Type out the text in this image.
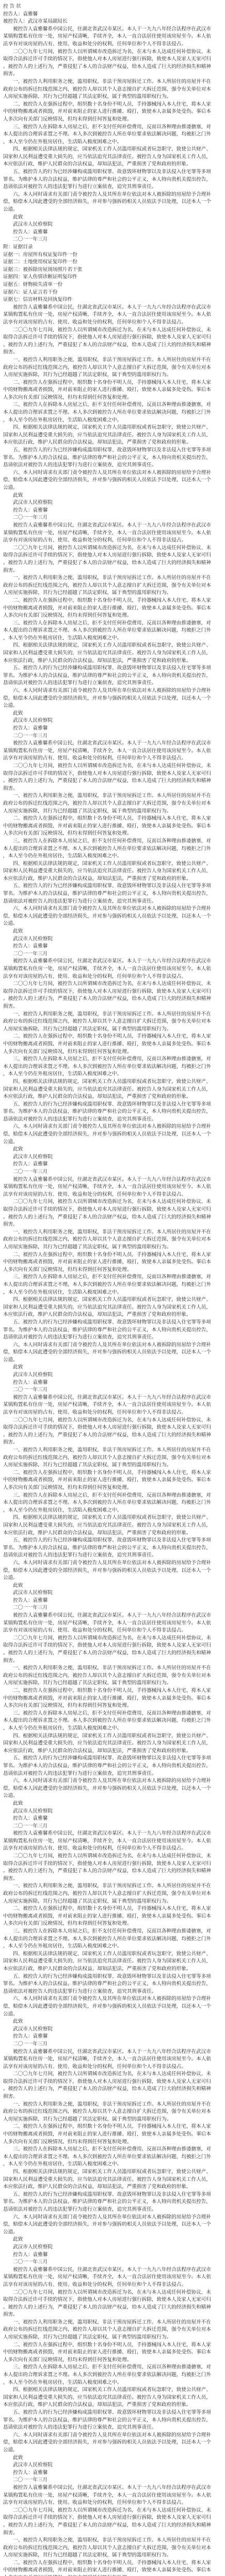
控 告 状
控告人：袁雅馨
被控告人：武汉市某局副局长
　　被控告人袁雅馨系中国公民，住湖北省武汉市某区。本人于一九九八年经合法程序在武汉市
某镇购置私有住房一处，房屋产权清晰，手续齐全，本人一直合法居住使用该房屋至今。本人依
法享有对该房屋的占有、使用、收益和处分的权利，任何单位和个人不得非法侵占。
　　二〇〇九年七月间，被控告人以所谓城市改造拆迁为名，在未与本人达成任何补偿协议、未
取得合法拆迁许可手续的情况下，指使他人对本人房屋进行强行拆除，致使本人及家人无家可归
。被控告人的上述行为，严重侵犯了本人的合法财产权益，给本人造成了巨大的经济损失和精神
损害。
　　一、被控告人利用职务之便，滥用职权，非法干预房屋拆迁工作。本人所居住的房屋并不在
政府公布的拆迁红线范围之内，被控告人却以其个人意志擅自扩大拆迁范围，强令有关单位对本
人房屋实施拆除，其行为已经超越了其法定职权，属于典型的滥用职权行为。
　　二、被控告人在强拆过程中，组织数十名身份不明人员，手持器械闯入本人住宅，将本人家
中的财物搬离或者损毁，并对前来阻止的家人进行推搡、殴打，致使本人亲属多处受伤。事后本
人多次向有关部门反映情况，但均未得到任何答复和处理。
　　三、被控告人在拆除本人房屋之后，拒不支付任何补偿费用，反而以各种理由推诿搪塞，对
本人提出的合理诉求置之不理。本人多次到被控告人所在单位要求依法解决问题，均被拒之门外
，本人至今仍在外租房居住，生活陷入极度困难之中。
　　四、根据相关法律法规的规定，国家机关工作人员滥用职权或者玩忽职守，致使公共财产、
国家和人民利益遭受重大损失的，应当依法追究其法律责任。被控告人身为国家机关工作人员，
本应依法行政，维护人民群众的合法权益，却知法犯法，严重损害了党和政府的形象。
　　五、被控告人的行为已经涉嫌构成滥用职权罪、故意毁坏财物罪以及非法侵入住宅罪等多项
罪名。为维护本人的合法权益，维护法律的尊严和社会的公平正义，本人特向贵机关提出控告，
恳请依法对被控告人的违法犯罪行为进行立案侦查，追究其刑事责任。
　　六、本人同时请求有关部门责令被控告人及其所在单位依法对本人被拆除的房屋给予合理补
偿，赔偿本人因此遭受的全部经济损失，并对参与强拆的相关人员依法予以处理，以还本人一个
公道。
　　此致
　　武汉市人民检察院
　　控告人：袁雅馨
　　二〇一一年三月
附：证据目录
证据一：房屋所有权证复印件一份
证据二：土地使用权证复印件一份
证据三：被拆除房屋现场照片若干张
证据四：家人伤情诊断证明复印件
证据五：财物损失清单一份
证据六：证人证言若干份
证据七：信访材料及回执复印件
　　被控告人袁雅馨系中国公民，住湖北省武汉市某区。本人于一九九八年经合法程序在武汉市
某镇购置私有住房一处，房屋产权清晰，手续齐全，本人一直合法居住使用该房屋至今。本人依
法享有对该房屋的占有、使用、收益和处分的权利，任何单位和个人不得非法侵占。
　　二〇〇九年七月间，被控告人以所谓城市改造拆迁为名，在未与本人达成任何补偿协议、未
取得合法拆迁许可手续的情况下，指使他人对本人房屋进行强行拆除，致使本人及家人无家可归
。被控告人的上述行为，严重侵犯了本人的合法财产权益，给本人造成了巨大的经济损失和精神
损害。
　　一、被控告人利用职务之便，滥用职权，非法干预房屋拆迁工作。本人所居住的房屋并不在
政府公布的拆迁红线范围之内，被控告人却以其个人意志擅自扩大拆迁范围，强令有关单位对本
人房屋实施拆除，其行为已经超越了其法定职权，属于典型的滥用职权行为。
　　二、被控告人在强拆过程中，组织数十名身份不明人员，手持器械闯入本人住宅，将本人家
中的财物搬离或者损毁，并对前来阻止的家人进行推搡、殴打，致使本人亲属多处受伤。事后本
人多次向有关部门反映情况，但均未得到任何答复和处理。
　　三、被控告人在拆除本人房屋之后，拒不支付任何补偿费用，反而以各种理由推诿搪塞，对
本人提出的合理诉求置之不理。本人多次到被控告人所在单位要求依法解决问题，均被拒之门外
，本人至今仍在外租房居住，生活陷入极度困难之中。
　　四、根据相关法律法规的规定，国家机关工作人员滥用职权或者玩忽职守，致使公共财产、
国家和人民利益遭受重大损失的，应当依法追究其法律责任。被控告人身为国家机关工作人员，
本应依法行政，维护人民群众的合法权益，却知法犯法，严重损害了党和政府的形象。
　　五、被控告人的行为已经涉嫌构成滥用职权罪、故意毁坏财物罪以及非法侵入住宅罪等多项
罪名。为维护本人的合法权益，维护法律的尊严和社会的公平正义，本人特向贵机关提出控告，
恳请依法对被控告人的违法犯罪行为进行立案侦查，追究其刑事责任。
　　六、本人同时请求有关部门责令被控告人及其所在单位依法对本人被拆除的房屋给予合理补
偿，赔偿本人因此遭受的全部经济损失，并对参与强拆的相关人员依法予以处理，以还本人一个
公道。
　　此致
　　武汉市人民检察院
　　控告人：袁雅馨
　　二〇一一年三月
　　被控告人袁雅馨系中国公民，住湖北省武汉市某区。本人于一九九八年经合法程序在武汉市
某镇购置私有住房一处，房屋产权清晰，手续齐全，本人一直合法居住使用该房屋至今。本人依
法享有对该房屋的占有、使用、收益和处分的权利，任何单位和个人不得非法侵占。
　　二〇〇九年七月间，被控告人以所谓城市改造拆迁为名，在未与本人达成任何补偿协议、未
取得合法拆迁许可手续的情况下，指使他人对本人房屋进行强行拆除，致使本人及家人无家可归
。被控告人的上述行为，严重侵犯了本人的合法财产权益，给本人造成了巨大的经济损失和精神
损害。
　　一、被控告人利用职务之便，滥用职权，非法干预房屋拆迁工作。本人所居住的房屋并不在
政府公布的拆迁红线范围之内，被控告人却以其个人意志擅自扩大拆迁范围，强令有关单位对本
人房屋实施拆除，其行为已经超越了其法定职权，属于典型的滥用职权行为。
　　二、被控告人在强拆过程中，组织数十名身份不明人员，手持器械闯入本人住宅，将本人家
中的财物搬离或者损毁，并对前来阻止的家人进行推搡、殴打，致使本人亲属多处受伤。事后本
人多次向有关部门反映情况，但均未得到任何答复和处理。
　　三、被控告人在拆除本人房屋之后，拒不支付任何补偿费用，反而以各种理由推诿搪塞，对
本人提出的合理诉求置之不理。本人多次到被控告人所在单位要求依法解决问题，均被拒之门外
，本人至今仍在外租房居住，生活陷入极度困难之中。
　　四、根据相关法律法规的规定，国家机关工作人员滥用职权或者玩忽职守，致使公共财产、
国家和人民利益遭受重大损失的，应当依法追究其法律责任。被控告人身为国家机关工作人员，
本应依法行政，维护人民群众的合法权益，却知法犯法，严重损害了党和政府的形象。
　　五、被控告人的行为已经涉嫌构成滥用职权罪、故意毁坏财物罪以及非法侵入住宅罪等多项
罪名。为维护本人的合法权益，维护法律的尊严和社会的公平正义，本人特向贵机关提出控告，
恳请依法对被控告人的违法犯罪行为进行立案侦查，追究其刑事责任。
　　六、本人同时请求有关部门责令被控告人及其所在单位依法对本人被拆除的房屋给予合理补
偿，赔偿本人因此遭受的全部经济损失，并对参与强拆的相关人员依法予以处理，以还本人一个
公道。
　　此致
　　武汉市人民检察院
　　控告人：袁雅馨
　　二〇一一年三月
　　被控告人袁雅馨系中国公民，住湖北省武汉市某区。本人于一九九八年经合法程序在武汉市
某镇购置私有住房一处，房屋产权清晰，手续齐全，本人一直合法居住使用该房屋至今。本人依
法享有对该房屋的占有、使用、收益和处分的权利，任何单位和个人不得非法侵占。
　　二〇〇九年七月间，被控告人以所谓城市改造拆迁为名，在未与本人达成任何补偿协议、未
取得合法拆迁许可手续的情况下，指使他人对本人房屋进行强行拆除，致使本人及家人无家可归
。被控告人的上述行为，严重侵犯了本人的合法财产权益，给本人造成了巨大的经济损失和精神
损害。
　　一、被控告人利用职务之便，滥用职权，非法干预房屋拆迁工作。本人所居住的房屋并不在
政府公布的拆迁红线范围之内，被控告人却以其个人意志擅自扩大拆迁范围，强令有关单位对本
人房屋实施拆除，其行为已经超越了其法定职权，属于典型的滥用职权行为。
　　二、被控告人在强拆过程中，组织数十名身份不明人员，手持器械闯入本人住宅，将本人家
中的财物搬离或者损毁，并对前来阻止的家人进行推搡、殴打，致使本人亲属多处受伤。事后本
人多次向有关部门反映情况，但均未得到任何答复和处理。
　　三、被控告人在拆除本人房屋之后，拒不支付任何补偿费用，反而以各种理由推诿搪塞，对
本人提出的合理诉求置之不理。本人多次到被控告人所在单位要求依法解决问题，均被拒之门外
，本人至今仍在外租房居住，生活陷入极度困难之中。
　　四、根据相关法律法规的规定，国家机关工作人员滥用职权或者玩忽职守，致使公共财产、
国家和人民利益遭受重大损失的，应当依法追究其法律责任。被控告人身为国家机关工作人员，
本应依法行政，维护人民群众的合法权益，却知法犯法，严重损害了党和政府的形象。
　　五、被控告人的行为已经涉嫌构成滥用职权罪、故意毁坏财物罪以及非法侵入住宅罪等多项
罪名。为维护本人的合法权益，维护法律的尊严和社会的公平正义，本人特向贵机关提出控告，
恳请依法对被控告人的违法犯罪行为进行立案侦查，追究其刑事责任。
　　六、本人同时请求有关部门责令被控告人及其所在单位依法对本人被拆除的房屋给予合理补
偿，赔偿本人因此遭受的全部经济损失，并对参与强拆的相关人员依法予以处理，以还本人一个
公道。
　　此致
　　武汉市人民检察院
　　控告人：袁雅馨
　　二〇一一年三月
　　被控告人袁雅馨系中国公民，住湖北省武汉市某区。本人于一九九八年经合法程序在武汉市
某镇购置私有住房一处，房屋产权清晰，手续齐全，本人一直合法居住使用该房屋至今。本人依
法享有对该房屋的占有、使用、收益和处分的权利，任何单位和个人不得非法侵占。
　　二〇〇九年七月间，被控告人以所谓城市改造拆迁为名，在未与本人达成任何补偿协议、未
取得合法拆迁许可手续的情况下，指使他人对本人房屋进行强行拆除，致使本人及家人无家可归
。被控告人的上述行为，严重侵犯了本人的合法财产权益，给本人造成了巨大的经济损失和精神
损害。
　　一、被控告人利用职务之便，滥用职权，非法干预房屋拆迁工作。本人所居住的房屋并不在
政府公布的拆迁红线范围之内，被控告人却以其个人意志擅自扩大拆迁范围，强令有关单位对本
人房屋实施拆除，其行为已经超越了其法定职权，属于典型的滥用职权行为。
　　二、被控告人在强拆过程中，组织数十名身份不明人员，手持器械闯入本人住宅，将本人家
中的财物搬离或者损毁，并对前来阻止的家人进行推搡、殴打，致使本人亲属多处受伤。事后本
人多次向有关部门反映情况，但均未得到任何答复和处理。
　　三、被控告人在拆除本人房屋之后，拒不支付任何补偿费用，反而以各种理由推诿搪塞，对
本人提出的合理诉求置之不理。本人多次到被控告人所在单位要求依法解决问题，均被拒之门外
，本人至今仍在外租房居住，生活陷入极度困难之中。
　　四、根据相关法律法规的规定，国家机关工作人员滥用职权或者玩忽职守，致使公共财产、
国家和人民利益遭受重大损失的，应当依法追究其法律责任。被控告人身为国家机关工作人员，
本应依法行政，维护人民群众的合法权益，却知法犯法，严重损害了党和政府的形象。
　　五、被控告人的行为已经涉嫌构成滥用职权罪、故意毁坏财物罪以及非法侵入住宅罪等多项
罪名。为维护本人的合法权益，维护法律的尊严和社会的公平正义，本人特向贵机关提出控告，
恳请依法对被控告人的违法犯罪行为进行立案侦查，追究其刑事责任。
　　六、本人同时请求有关部门责令被控告人及其所在单位依法对本人被拆除的房屋给予合理补
偿，赔偿本人因此遭受的全部经济损失，并对参与强拆的相关人员依法予以处理，以还本人一个
公道。
　　此致
　　武汉市人民检察院
　　控告人：袁雅馨
　　二〇一一年三月
　　被控告人袁雅馨系中国公民，住湖北省武汉市某区。本人于一九九八年经合法程序在武汉市
某镇购置私有住房一处，房屋产权清晰，手续齐全，本人一直合法居住使用该房屋至今。本人依
法享有对该房屋的占有、使用、收益和处分的权利，任何单位和个人不得非法侵占。
　　二〇〇九年七月间，被控告人以所谓城市改造拆迁为名，在未与本人达成任何补偿协议、未
取得合法拆迁许可手续的情况下，指使他人对本人房屋进行强行拆除，致使本人及家人无家可归
。被控告人的上述行为，严重侵犯了本人的合法财产权益，给本人造成了巨大的经济损失和精神
损害。
　　一、被控告人利用职务之便，滥用职权，非法干预房屋拆迁工作。本人所居住的房屋并不在
政府公布的拆迁红线范围之内，被控告人却以其个人意志擅自扩大拆迁范围，强令有关单位对本
人房屋实施拆除，其行为已经超越了其法定职权，属于典型的滥用职权行为。
　　二、被控告人在强拆过程中，组织数十名身份不明人员，手持器械闯入本人住宅，将本人家
中的财物搬离或者损毁，并对前来阻止的家人进行推搡、殴打，致使本人亲属多处受伤。事后本
人多次向有关部门反映情况，但均未得到任何答复和处理。
　　三、被控告人在拆除本人房屋之后，拒不支付任何补偿费用，反而以各种理由推诿搪塞，对
本人提出的合理诉求置之不理。本人多次到被控告人所在单位要求依法解决问题，均被拒之门外
，本人至今仍在外租房居住，生活陷入极度困难之中。
　　四、根据相关法律法规的规定，国家机关工作人员滥用职权或者玩忽职守，致使公共财产、
国家和人民利益遭受重大损失的，应当依法追究其法律责任。被控告人身为国家机关工作人员，
本应依法行政，维护人民群众的合法权益，却知法犯法，严重损害了党和政府的形象。
　　五、被控告人的行为已经涉嫌构成滥用职权罪、故意毁坏财物罪以及非法侵入住宅罪等多项
罪名。为维护本人的合法权益，维护法律的尊严和社会的公平正义，本人特向贵机关提出控告，
恳请依法对被控告人的违法犯罪行为进行立案侦查，追究其刑事责任。
　　六、本人同时请求有关部门责令被控告人及其所在单位依法对本人被拆除的房屋给予合理补
偿，赔偿本人因此遭受的全部经济损失，并对参与强拆的相关人员依法予以处理，以还本人一个
公道。
　　此致
　　武汉市人民检察院
　　控告人：袁雅馨
　　二〇一一年三月
　　被控告人袁雅馨系中国公民，住湖北省武汉市某区。本人于一九九八年经合法程序在武汉市
某镇购置私有住房一处，房屋产权清晰，手续齐全，本人一直合法居住使用该房屋至今。本人依
法享有对该房屋的占有、使用、收益和处分的权利，任何单位和个人不得非法侵占。
　　二〇〇九年七月间，被控告人以所谓城市改造拆迁为名，在未与本人达成任何补偿协议、未
取得合法拆迁许可手续的情况下，指使他人对本人房屋进行强行拆除，致使本人及家人无家可归
。被控告人的上述行为，严重侵犯了本人的合法财产权益，给本人造成了巨大的经济损失和精神
损害。
　　一、被控告人利用职务之便，滥用职权，非法干预房屋拆迁工作。本人所居住的房屋并不在
政府公布的拆迁红线范围之内，被控告人却以其个人意志擅自扩大拆迁范围，强令有关单位对本
人房屋实施拆除，其行为已经超越了其法定职权，属于典型的滥用职权行为。
　　二、被控告人在强拆过程中，组织数十名身份不明人员，手持器械闯入本人住宅，将本人家
中的财物搬离或者损毁，并对前来阻止的家人进行推搡、殴打，致使本人亲属多处受伤。事后本
人多次向有关部门反映情况，但均未得到任何答复和处理。
　　三、被控告人在拆除本人房屋之后，拒不支付任何补偿费用，反而以各种理由推诿搪塞，对
本人提出的合理诉求置之不理。本人多次到被控告人所在单位要求依法解决问题，均被拒之门外
，本人至今仍在外租房居住，生活陷入极度困难之中。
　　四、根据相关法律法规的规定，国家机关工作人员滥用职权或者玩忽职守，致使公共财产、
国家和人民利益遭受重大损失的，应当依法追究其法律责任。被控告人身为国家机关工作人员，
本应依法行政，维护人民群众的合法权益，却知法犯法，严重损害了党和政府的形象。
　　五、被控告人的行为已经涉嫌构成滥用职权罪、故意毁坏财物罪以及非法侵入住宅罪等多项
罪名。为维护本人的合法权益，维护法律的尊严和社会的公平正义，本人特向贵机关提出控告，
恳请依法对被控告人的违法犯罪行为进行立案侦查，追究其刑事责任。
　　六、本人同时请求有关部门责令被控告人及其所在单位依法对本人被拆除的房屋给予合理补
偿，赔偿本人因此遭受的全部经济损失，并对参与强拆的相关人员依法予以处理，以还本人一个
公道。
　　此致
　　武汉市人民检察院
　　控告人：袁雅馨
　　二〇一一年三月
　　被控告人袁雅馨系中国公民，住湖北省武汉市某区。本人于一九九八年经合法程序在武汉市
某镇购置私有住房一处，房屋产权清晰，手续齐全，本人一直合法居住使用该房屋至今。本人依
法享有对该房屋的占有、使用、收益和处分的权利，任何单位和个人不得非法侵占。
　　二〇〇九年七月间，被控告人以所谓城市改造拆迁为名，在未与本人达成任何补偿协议、未
取得合法拆迁许可手续的情况下，指使他人对本人房屋进行强行拆除，致使本人及家人无家可归
。被控告人的上述行为，严重侵犯了本人的合法财产权益，给本人造成了巨大的经济损失和精神
损害。
　　一、被控告人利用职务之便，滥用职权，非法干预房屋拆迁工作。本人所居住的房屋并不在
政府公布的拆迁红线范围之内，被控告人却以其个人意志擅自扩大拆迁范围，强令有关单位对本
人房屋实施拆除，其行为已经超越了其法定职权，属于典型的滥用职权行为。
　　二、被控告人在强拆过程中，组织数十名身份不明人员，手持器械闯入本人住宅，将本人家
中的财物搬离或者损毁，并对前来阻止的家人进行推搡、殴打，致使本人亲属多处受伤。事后本
人多次向有关部门反映情况，但均未得到任何答复和处理。
　　三、被控告人在拆除本人房屋之后，拒不支付任何补偿费用，反而以各种理由推诿搪塞，对
本人提出的合理诉求置之不理。本人多次到被控告人所在单位要求依法解决问题，均被拒之门外
，本人至今仍在外租房居住，生活陷入极度困难之中。
　　四、根据相关法律法规的规定，国家机关工作人员滥用职权或者玩忽职守，致使公共财产、
国家和人民利益遭受重大损失的，应当依法追究其法律责任。被控告人身为国家机关工作人员，
本应依法行政，维护人民群众的合法权益，却知法犯法，严重损害了党和政府的形象。
　　五、被控告人的行为已经涉嫌构成滥用职权罪、故意毁坏财物罪以及非法侵入住宅罪等多项
罪名。为维护本人的合法权益，维护法律的尊严和社会的公平正义，本人特向贵机关提出控告，
恳请依法对被控告人的违法犯罪行为进行立案侦查，追究其刑事责任。
　　六、本人同时请求有关部门责令被控告人及其所在单位依法对本人被拆除的房屋给予合理补
偿，赔偿本人因此遭受的全部经济损失，并对参与强拆的相关人员依法予以处理，以还本人一个
公道。
　　此致
　　武汉市人民检察院
　　控告人：袁雅馨
　　二〇一一年三月
　　被控告人袁雅馨系中国公民，住湖北省武汉市某区。本人于一九九八年经合法程序在武汉市
某镇购置私有住房一处，房屋产权清晰，手续齐全，本人一直合法居住使用该房屋至今。本人依
法享有对该房屋的占有、使用、收益和处分的权利，任何单位和个人不得非法侵占。
　　二〇〇九年七月间，被控告人以所谓城市改造拆迁为名，在未与本人达成任何补偿协议、未
取得合法拆迁许可手续的情况下，指使他人对本人房屋进行强行拆除，致使本人及家人无家可归
。被控告人的上述行为，严重侵犯了本人的合法财产权益，给本人造成了巨大的经济损失和精神
损害。
　　一、被控告人利用职务之便，滥用职权，非法干预房屋拆迁工作。本人所居住的房屋并不在
政府公布的拆迁红线范围之内，被控告人却以其个人意志擅自扩大拆迁范围，强令有关单位对本
人房屋实施拆除，其行为已经超越了其法定职权，属于典型的滥用职权行为。
　　二、被控告人在强拆过程中，组织数十名身份不明人员，手持器械闯入本人住宅，将本人家
中的财物搬离或者损毁，并对前来阻止的家人进行推搡、殴打，致使本人亲属多处受伤。事后本
人多次向有关部门反映情况，但均未得到任何答复和处理。
　　三、被控告人在拆除本人房屋之后，拒不支付任何补偿费用，反而以各种理由推诿搪塞，对
本人提出的合理诉求置之不理。本人多次到被控告人所在单位要求依法解决问题，均被拒之门外
，本人至今仍在外租房居住，生活陷入极度困难之中。
　　四、根据相关法律法规的规定，国家机关工作人员滥用职权或者玩忽职守，致使公共财产、
国家和人民利益遭受重大损失的，应当依法追究其法律责任。被控告人身为国家机关工作人员，
本应依法行政，维护人民群众的合法权益，却知法犯法，严重损害了党和政府的形象。
　　五、被控告人的行为已经涉嫌构成滥用职权罪、故意毁坏财物罪以及非法侵入住宅罪等多项
罪名。为维护本人的合法权益，维护法律的尊严和社会的公平正义，本人特向贵机关提出控告，
恳请依法对被控告人的违法犯罪行为进行立案侦查，追究其刑事责任。
　　六、本人同时请求有关部门责令被控告人及其所在单位依法对本人被拆除的房屋给予合理补
偿，赔偿本人因此遭受的全部经济损失，并对参与强拆的相关人员依法予以处理，以还本人一个
公道。
　　此致
　　武汉市人民检察院
　　控告人：袁雅馨
　　二〇一一年三月
　　被控告人袁雅馨系中国公民，住湖北省武汉市某区。本人于一九九八年经合法程序在武汉市
某镇购置私有住房一处，房屋产权清晰，手续齐全，本人一直合法居住使用该房屋至今。本人依
法享有对该房屋的占有、使用、收益和处分的权利，任何单位和个人不得非法侵占。
　　二〇〇九年七月间，被控告人以所谓城市改造拆迁为名，在未与本人达成任何补偿协议、未
取得合法拆迁许可手续的情况下，指使他人对本人房屋进行强行拆除，致使本人及家人无家可归
。被控告人的上述行为，严重侵犯了本人的合法财产权益，给本人造成了巨大的经济损失和精神
损害。
　　一、被控告人利用职务之便，滥用职权，非法干预房屋拆迁工作。本人所居住的房屋并不在
政府公布的拆迁红线范围之内，被控告人却以其个人意志擅自扩大拆迁范围，强令有关单位对本
人房屋实施拆除，其行为已经超越了其法定职权，属于典型的滥用职权行为。
　　二、被控告人在强拆过程中，组织数十名身份不明人员，手持器械闯入本人住宅，将本人家
中的财物搬离或者损毁，并对前来阻止的家人进行推搡、殴打，致使本人亲属多处受伤。事后本
人多次向有关部门反映情况，但均未得到任何答复和处理。
　　三、被控告人在拆除本人房屋之后，拒不支付任何补偿费用，反而以各种理由推诿搪塞，对
本人提出的合理诉求置之不理。本人多次到被控告人所在单位要求依法解决问题，均被拒之门外
，本人至今仍在外租房居住，生活陷入极度困难之中。
　　四、根据相关法律法规的规定，国家机关工作人员滥用职权或者玩忽职守，致使公共财产、
国家和人民利益遭受重大损失的，应当依法追究其法律责任。被控告人身为国家机关工作人员，
本应依法行政，维护人民群众的合法权益，却知法犯法，严重损害了党和政府的形象。
　　五、被控告人的行为已经涉嫌构成滥用职权罪、故意毁坏财物罪以及非法侵入住宅罪等多项
罪名。为维护本人的合法权益，维护法律的尊严和社会的公平正义，本人特向贵机关提出控告，
恳请依法对被控告人的违法犯罪行为进行立案侦查，追究其刑事责任。
　　六、本人同时请求有关部门责令被控告人及其所在单位依法对本人被拆除的房屋给予合理补
偿，赔偿本人因此遭受的全部经济损失，并对参与强拆的相关人员依法予以处理，以还本人一个
公道。
　　此致
　　武汉市人民检察院
　　控告人：袁雅馨
　　二〇一一年三月
　　被控告人袁雅馨系中国公民，住湖北省武汉市某区。本人于一九九八年经合法程序在武汉市
某镇购置私有住房一处，房屋产权清晰，手续齐全，本人一直合法居住使用该房屋至今。本人依
法享有对该房屋的占有、使用、收益和处分的权利，任何单位和个人不得非法侵占。
　　二〇〇九年七月间，被控告人以所谓城市改造拆迁为名，在未与本人达成任何补偿协议、未
取得合法拆迁许可手续的情况下，指使他人对本人房屋进行强行拆除，致使本人及家人无家可归
。被控告人的上述行为，严重侵犯了本人的合法财产权益，给本人造成了巨大的经济损失和精神
损害。
　　一、被控告人利用职务之便，滥用职权，非法干预房屋拆迁工作。本人所居住的房屋并不在
政府公布的拆迁红线范围之内，被控告人却以其个人意志擅自扩大拆迁范围，强令有关单位对本
人房屋实施拆除，其行为已经超越了其法定职权，属于典型的滥用职权行为。
　　二、被控告人在强拆过程中，组织数十名身份不明人员，手持器械闯入本人住宅，将本人家
中的财物搬离或者损毁，并对前来阻止的家人进行推搡、殴打，致使本人亲属多处受伤。事后本
人多次向有关部门反映情况，但均未得到任何答复和处理。
　　三、被控告人在拆除本人房屋之后，拒不支付任何补偿费用，反而以各种理由推诿搪塞，对
本人提出的合理诉求置之不理。本人多次到被控告人所在单位要求依法解决问题，均被拒之门外
，本人至今仍在外租房居住，生活陷入极度困难之中。
　　四、根据相关法律法规的规定，国家机关工作人员滥用职权或者玩忽职守，致使公共财产、
国家和人民利益遭受重大损失的，应当依法追究其法律责任。被控告人身为国家机关工作人员，
本应依法行政，维护人民群众的合法权益，却知法犯法，严重损害了党和政府的形象。
　　五、被控告人的行为已经涉嫌构成滥用职权罪、故意毁坏财物罪以及非法侵入住宅罪等多项
罪名。为维护本人的合法权益，维护法律的尊严和社会的公平正义，本人特向贵机关提出控告，
恳请依法对被控告人的违法犯罪行为进行立案侦查，追究其刑事责任。
　　六、本人同时请求有关部门责令被控告人及其所在单位依法对本人被拆除的房屋给予合理补
偿，赔偿本人因此遭受的全部经济损失，并对参与强拆的相关人员依法予以处理，以还本人一个
公道。
　　此致
　　武汉市人民检察院
　　控告人：袁雅馨
　　二〇一一年三月
　　被控告人袁雅馨系中国公民，住湖北省武汉市某区。本人于一九九八年经合法程序在武汉市
某镇购置私有住房一处，房屋产权清晰，手续齐全，本人一直合法居住使用该房屋至今。本人依
法享有对该房屋的占有、使用、收益和处分的权利，任何单位和个人不得非法侵占。
　　二〇〇九年七月间，被控告人以所谓城市改造拆迁为名，在未与本人达成任何补偿协议、未
取得合法拆迁许可手续的情况下，指使他人对本人房屋进行强行拆除，致使本人及家人无家可归
。被控告人的上述行为，严重侵犯了本人的合法财产权益，给本人造成了巨大的经济损失和精神
损害。
　　一、被控告人利用职务之便，滥用职权，非法干预房屋拆迁工作。本人所居住的房屋并不在
政府公布的拆迁红线范围之内，被控告人却以其个人意志擅自扩大拆迁范围，强令有关单位对本
人房屋实施拆除，其行为已经超越了其法定职权，属于典型的滥用职权行为。
　　二、被控告人在强拆过程中，组织数十名身份不明人员，手持器械闯入本人住宅，将本人家
中的财物搬离或者损毁，并对前来阻止的家人进行推搡、殴打，致使本人亲属多处受伤。事后本
